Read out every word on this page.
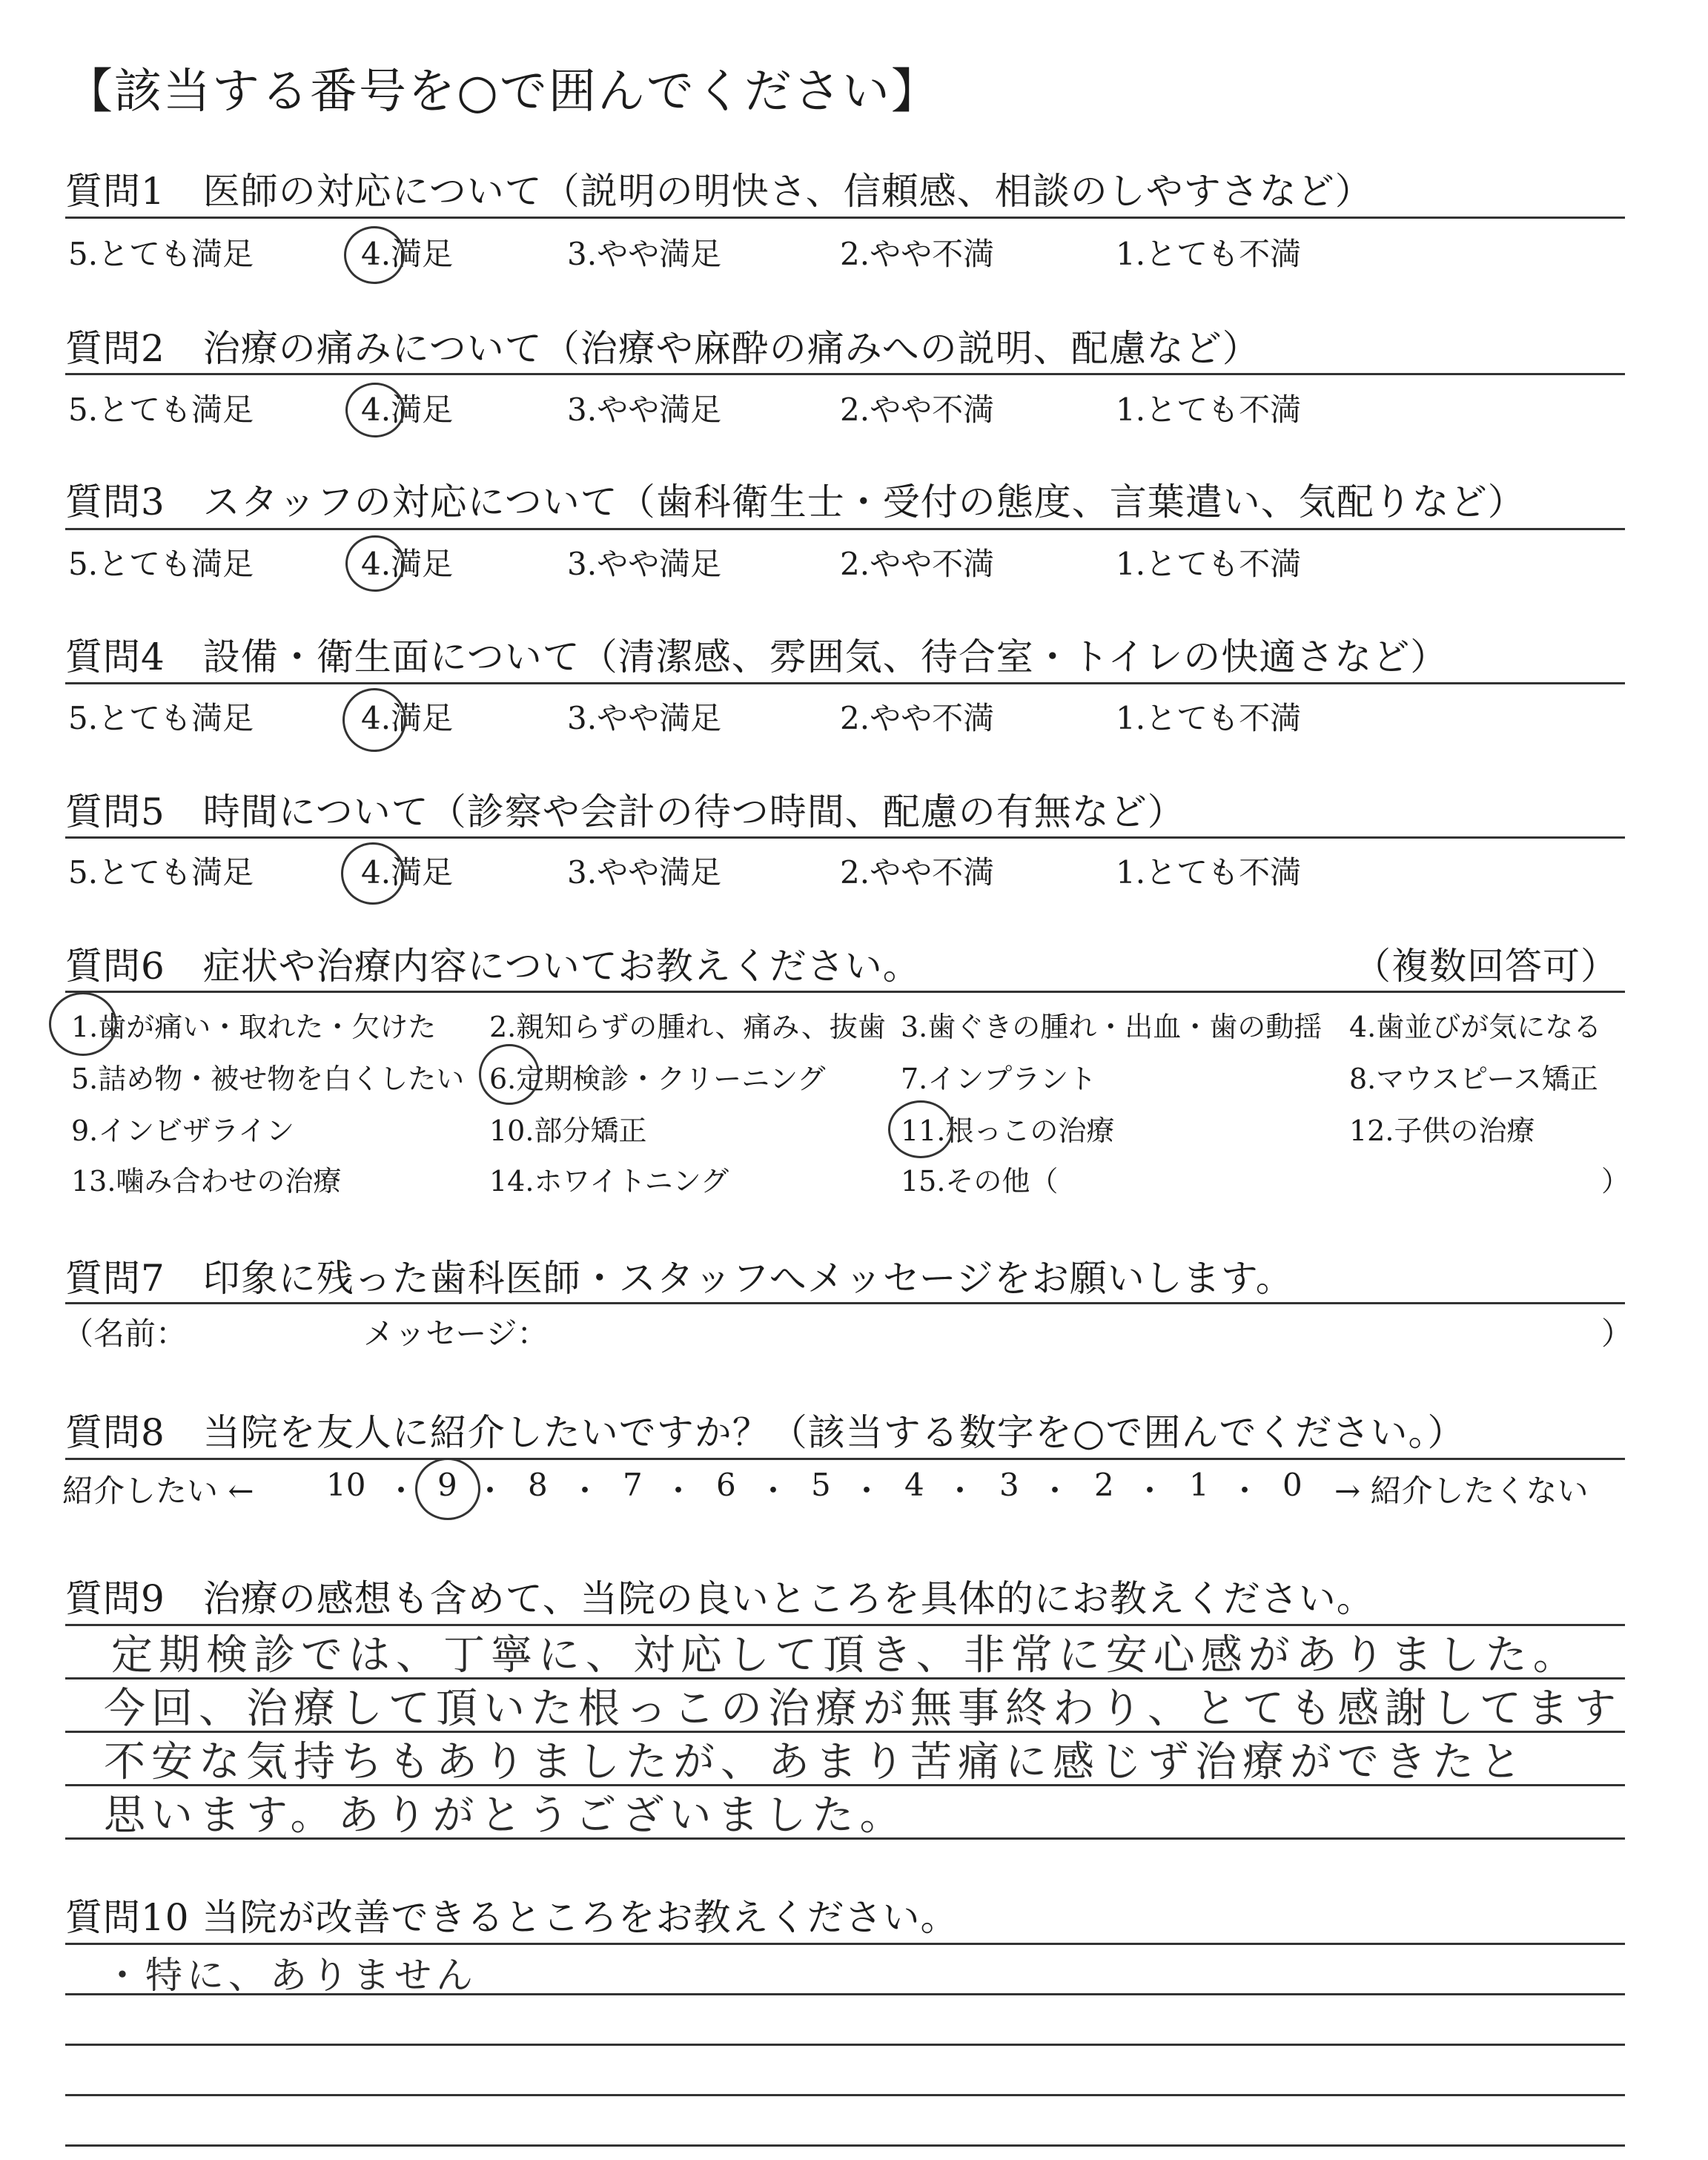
【該当する番号を○で囲んでください】
質問1　医師の対応について（説明の明快さ、信頼感、相談のしやすさなど）
5.とても満足	4.満足	3.やや満足	2.やや不満	1.とても不満
質問2　治療の痛みについて（治療や麻酔の痛みへの説明、配慮など）
5.とても満足	4.満足	3.やや満足	2.やや不満	1.とても不満
質問3　スタッフの対応について（歯科衛生士・受付の態度、言葉遣い、気配りなど）
5.とても満足	4.満足	3.やや満足	2.やや不満	1.とても不満
質問4　設備・衛生面について（清潔感、雰囲気、待合室・トイレの快適さなど）
5.とても満足	4.満足	3.やや満足	2.やや不満	1.とても不満
質問5　時間について（診察や会計の待つ時間、配慮の有無など）
5.とても満足	4.満足	3.やや満足	2.やや不満	1.とても不満
質問6　症状や治療内容についてお教えください。	（複数回答可）
1.歯が痛い・取れた・欠けた 2.親知らずの腫れ、痛み、抜歯 3.歯ぐきの腫れ・出血・歯の動揺 4.歯並びが気になる
5.詰め物・被せ物を白くしたい 6.定期検診・クリーニング	7.インプラント	8.マウスピース矯正
9.インビザライン	10.部分矯正	11.根っこの治療	12.子供の治療
13.噛み合わせの治療	14.ホワイトニング	15.その他（	）
質問7　印象に残った歯科医師・スタッフへメッセージをお願いします。
（名前：	メッセージ：	）
質問8　当院を友人に紹介したいですか？（該当する数字を○で囲んでください。）
紹介したい ← 10 ・ 9 ・ 8 ・ 7 ・ 6 ・ 5 ・ 4 ・ 3 ・ 2 ・ 1 ・ 0 → 紹介したくない
質問9　治療の感想も含めて、当院の良いところを具体的にお教えください。
定期検診では、丁寧に、対応して頂き、非常に安心感がありました。
今回、治療して頂いた根っこの治療が無事終わり、とても感謝してます
不安な気持ちもありましたが、あまり苦痛に感じず治療ができたと
思います。ありがとうございました。
質問10 当院が改善できるところをお教えください。
・特に、ありません
